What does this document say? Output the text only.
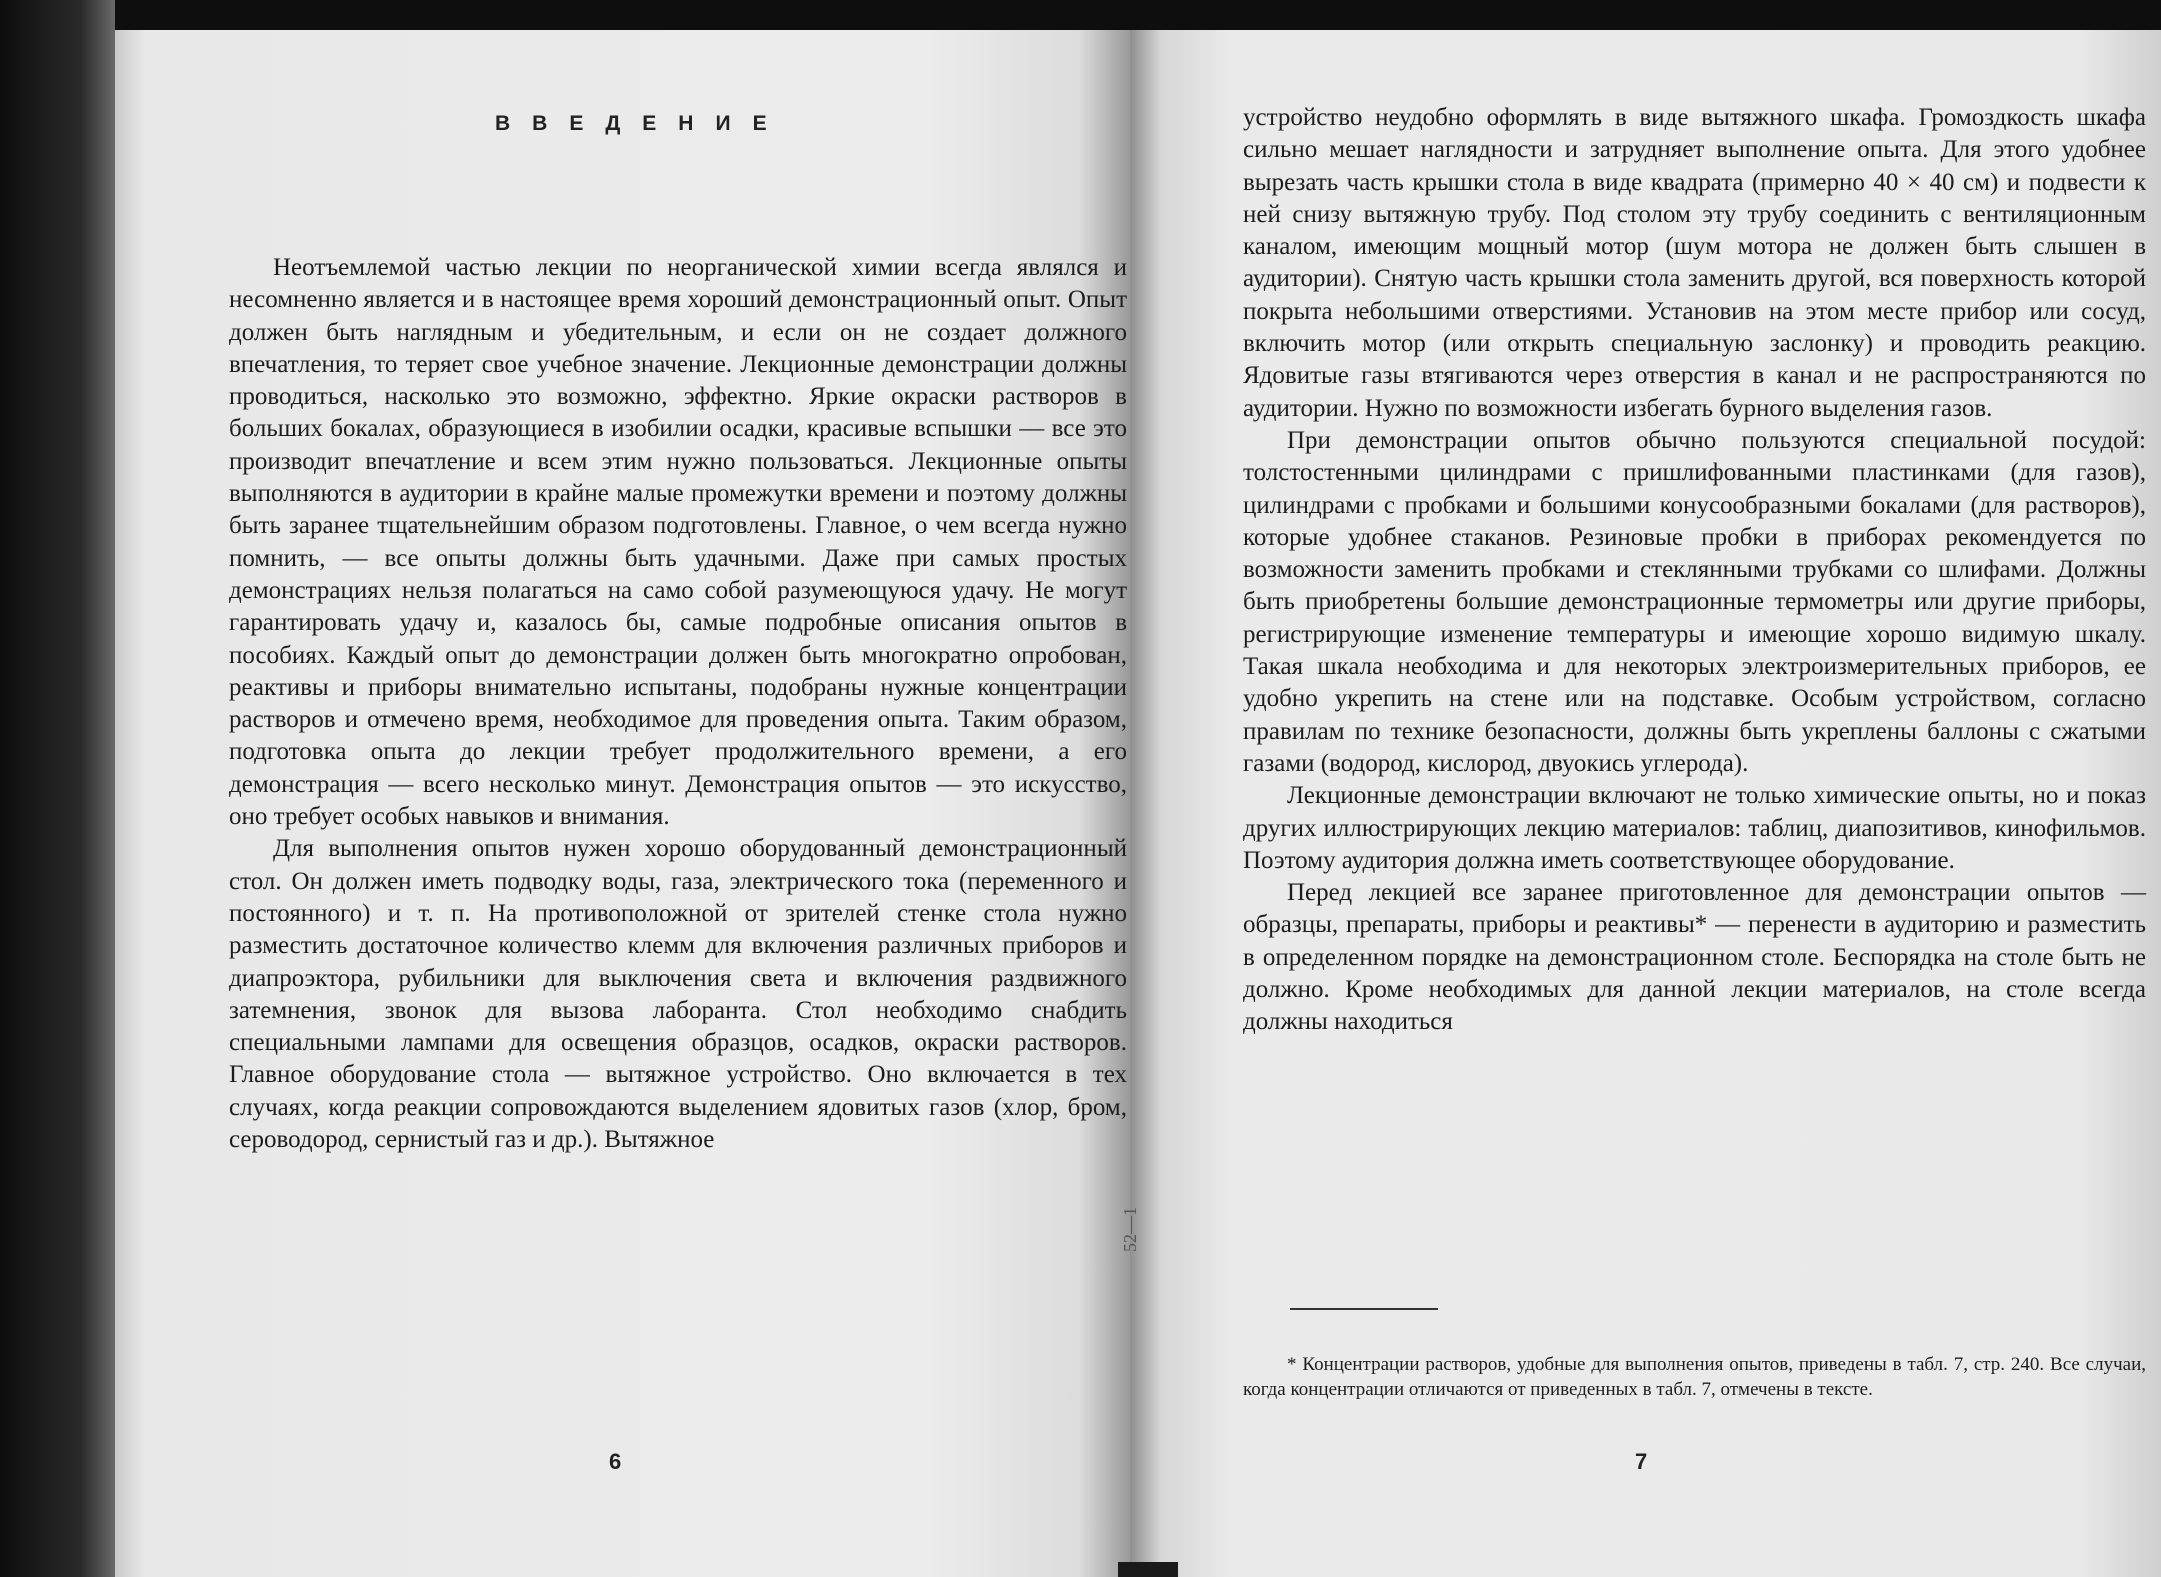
ВВЕДЕНИЕ

Неотъемлемой частью лекции по неорганической химии всегда являлся и несомненно является и в настоящее время хороший демонстрационный опыт. Опыт должен быть наглядным и убедительным, и если он не создает должного впечатления, то теряет свое учебное значение. Лекционные демонстрации должны проводиться, насколько это возможно, эффектно. Яркие окраски растворов в больших бокалах, образующиеся в изобилии осадки, красивые вспышки — все это производит впечатление и всем этим нужно пользоваться. Лекционные опыты выполняются в аудитории в крайне малые промежутки времени и поэтому должны быть заранее тщательнейшим образом подготовлены. Главное, о чем всегда нужно помнить, — все опыты должны быть удачными. Даже при самых простых демонстрациях нельзя полагаться на само собой разумеющуюся удачу. Не могут гарантировать удачу и, казалось бы, самые подробные описания опытов в пособиях. Каждый опыт до демонстрации должен быть многократно опробован, реактивы и приборы внимательно испытаны, подобраны нужные концентрации растворов и отмечено время, необходимое для проведения опыта. Таким образом, подготовка опыта до лекции требует продолжительного времени, а его демонстрация — всего несколько минут. Демонстрация опытов — это искусство, оно требует особых навыков и внимания.

Для выполнения опытов нужен хорошо оборудованный демонстрационный стол. Он должен иметь подводку воды, газа, электрического тока (переменного и постоянного) и т. п. На противоположной от зрителей стенке стола нужно разместить достаточное количество клемм для включения различных приборов и диапроэктора, рубильники для выключения света и включения раздвижного затемнения, звонок для вызова лаборанта. Стол необходимо снабдить специальными лампами для освещения образцов, осадков, окраски растворов. Главное оборудование стола — вытяжное устройство. Оно включается в тех случаях, когда реакции сопровождаются выделением ядовитых газов (хлор, бром, сероводород, сернистый газ и др.). Вытяжное

6

устройство неудобно оформлять в виде вытяжного шкафа. Громоздкость шкафа сильно мешает наглядности и затрудняет выполнение опыта. Для этого удобнее вырезать часть крышки стола в виде квадрата (примерно 40 × 40 см) и подвести к ней снизу вытяжную трубу. Под столом эту трубу соединить с вентиляционным каналом, имеющим мощный мотор (шум мотора не должен быть слышен в аудитории). Снятую часть крышки стола заменить другой, вся поверхность которой покрыта небольшими отверстиями. Установив на этом месте прибор или сосуд, включить мотор (или открыть специальную заслонку) и проводить реакцию. Ядовитые газы втягиваются через отверстия в канал и не распространяются по аудитории. Нужно по возможности избегать бурного выделения газов.

При демонстрации опытов обычно пользуются специальной посудой: толстостенными цилиндрами с пришлифованными пластинками (для газов), цилиндрами с пробками и большими конусообразными бокалами (для растворов), которые удобнее стаканов. Резиновые пробки в приборах рекомендуется по возможности заменить пробками и стеклянными трубками со шлифами. Должны быть приобретены большие демонстрационные термометры или другие приборы, регистрирующие изменение температуры и имеющие хорошо видимую шкалу. Такая шкала необходима и для некоторых электроизмерительных приборов, ее удобно укрепить на стене или на подставке. Особым устройством, согласно правилам по технике безопасности, должны быть укреплены баллоны с сжатыми газами (водород, кислород, двуокись углерода).

Лекционные демонстрации включают не только химические опыты, но и показ других иллюстрирующих лекцию материалов: таблиц, диапозитивов, кинофильмов. Поэтому аудитория должна иметь соответствующее оборудование.

Перед лекцией все заранее приготовленное для демонстрации опытов — образцы, препараты, приборы и реактивы* — перенести в аудиторию и разместить в определенном порядке на демонстрационном столе. Беспорядка на столе быть не должно. Кроме необходимых для данной лекции материалов, на столе всегда должны находиться

* Концентрации растворов, удобные для выполнения опытов, приведены в табл. 7, стр. 240. Все случаи, когда концентрации отличаются от приведенных в табл. 7, отмечены в тексте.
7
52—1
